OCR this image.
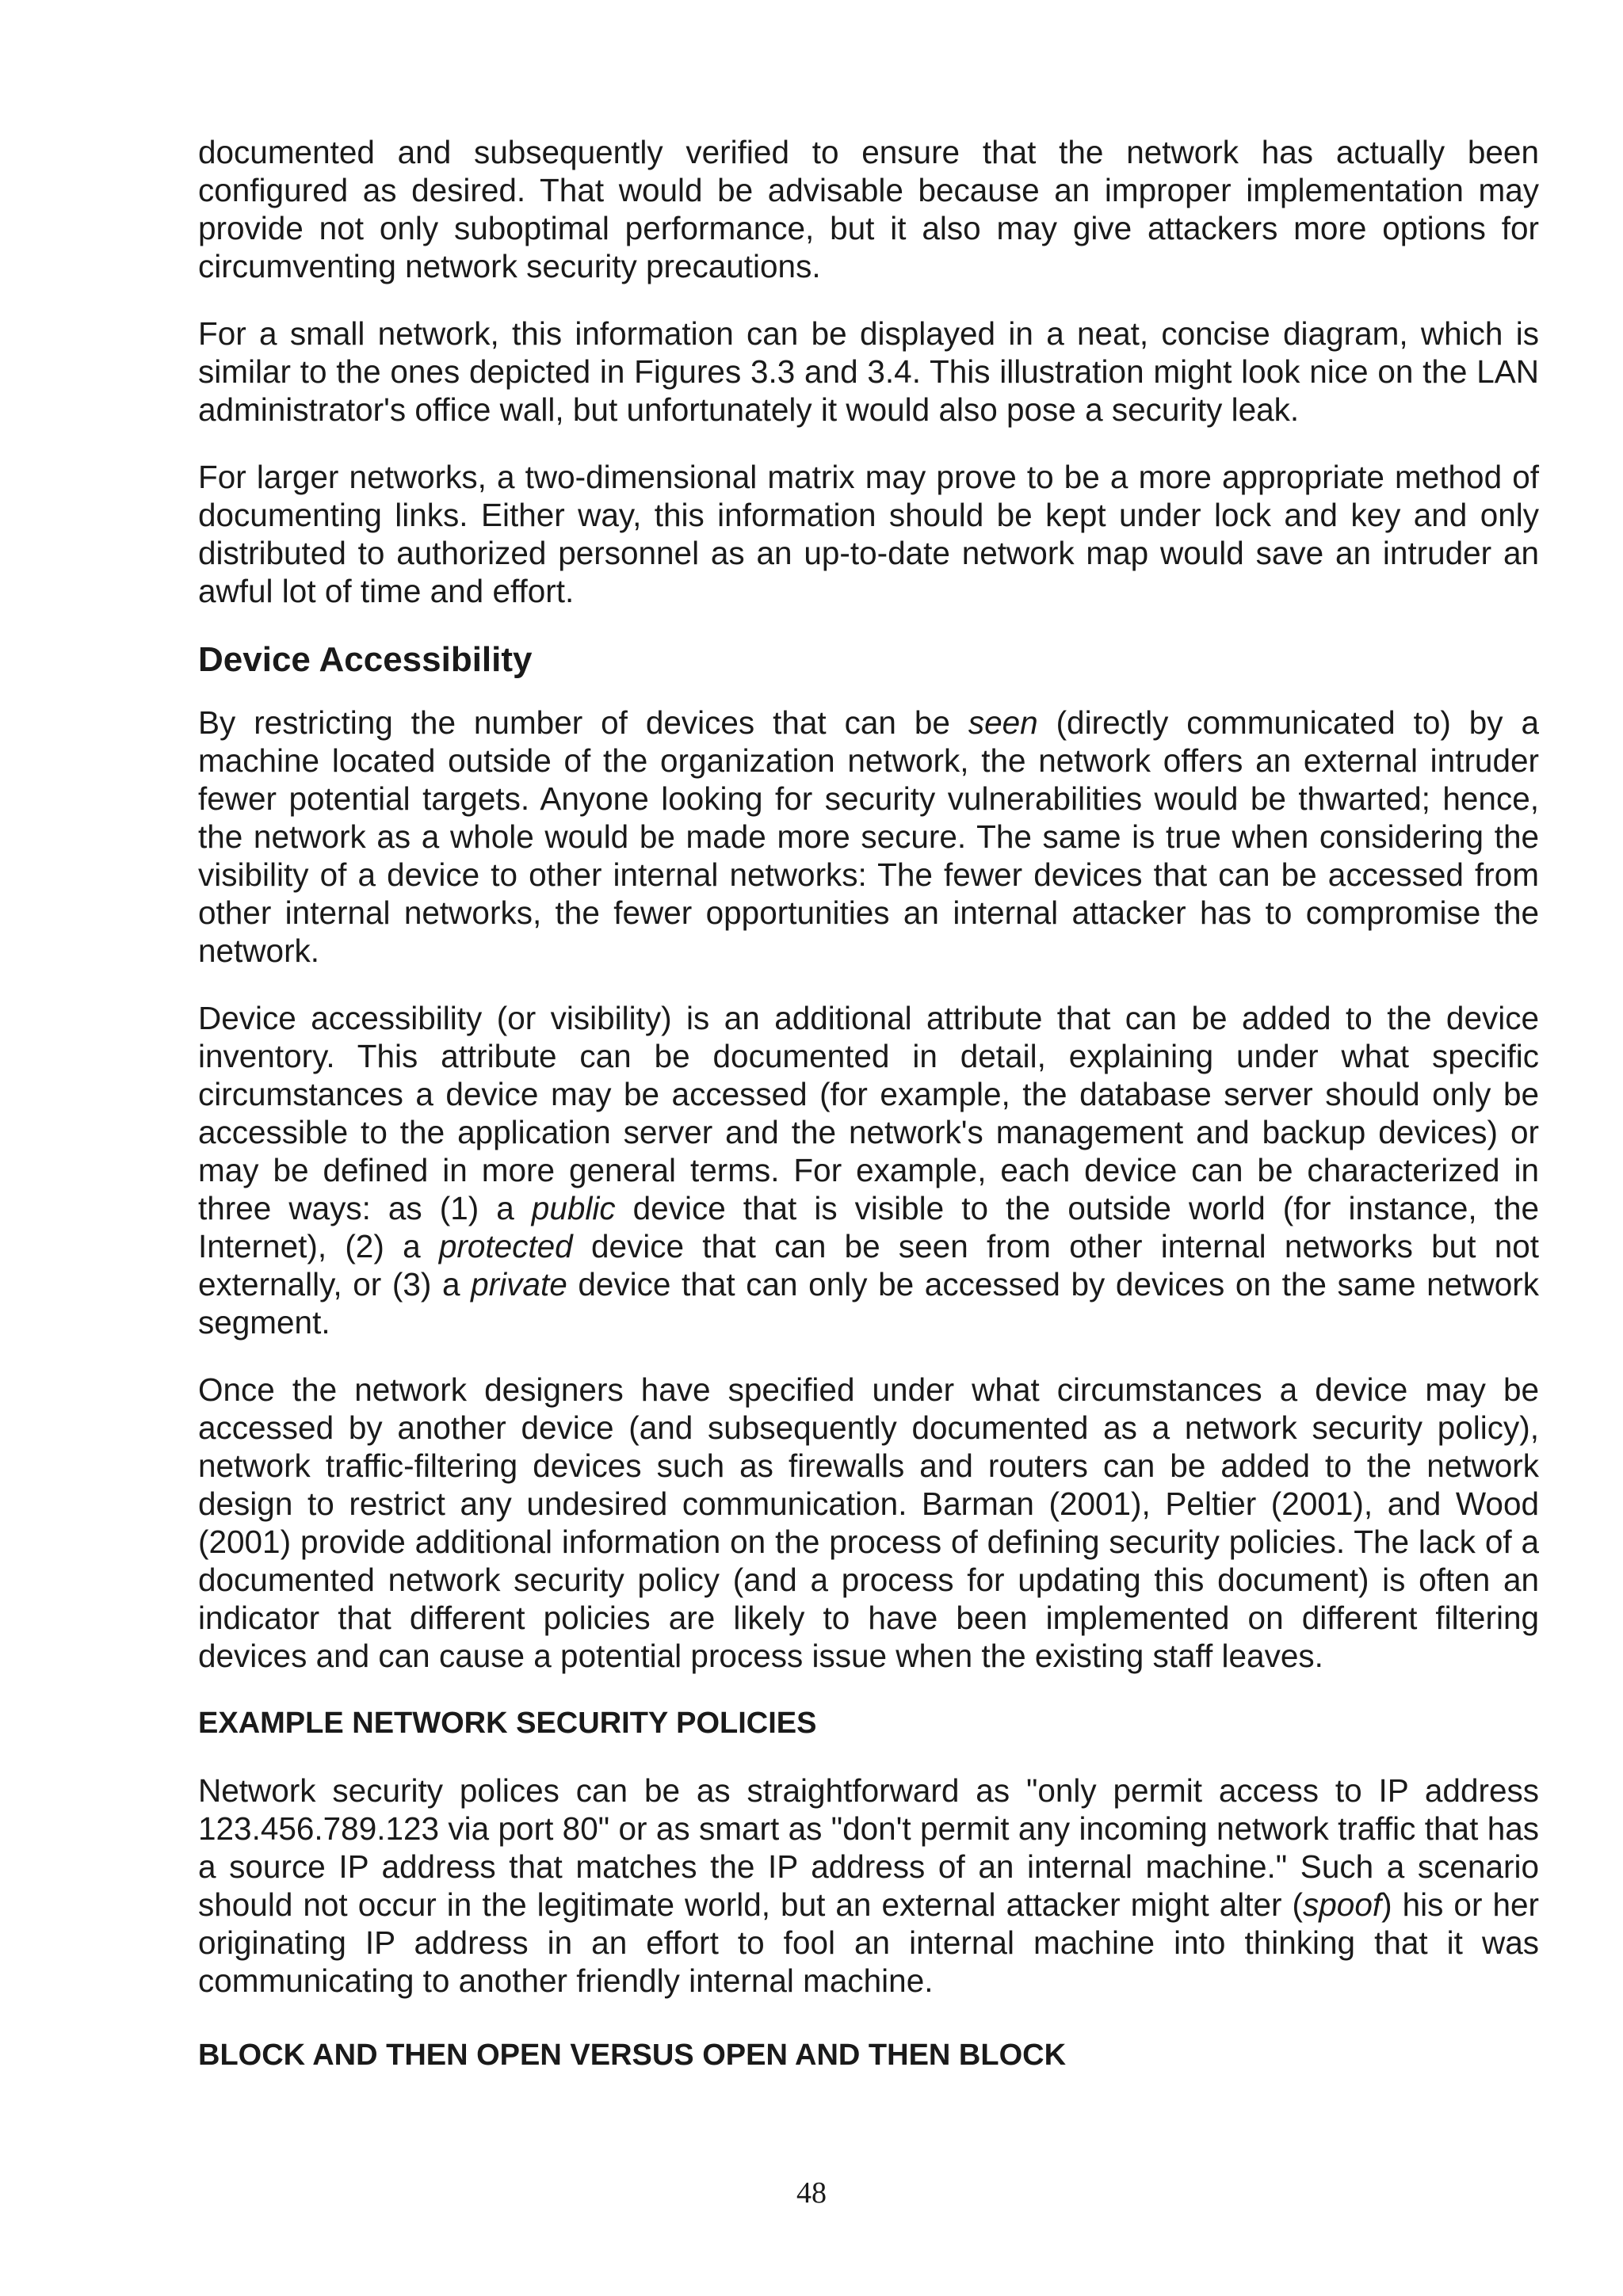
documented and subsequently verified to ensure that the network has actually been configured as desired. That would be advisable because an improper implementation may provide not only suboptimal performance, but it also may give attackers more options for circumventing network security precautions.

For a small network, this information can be displayed in a neat, concise diagram, which is similar to the ones depicted in Figures 3.3 and 3.4. This illustration might look nice on the LAN administrator's office wall, but unfortunately it would also pose a security leak.

For larger networks, a two-dimensional matrix may prove to be a more appropriate method of documenting links. Either way, this information should be kept under lock and key and only distributed to authorized personnel as an up-to-date network map would save an intruder an awful lot of time and effort.

Device Accessibility

By restricting the number of devices that can be seen (directly communicated to) by a machine located outside of the organization network, the network offers an external intruder fewer potential targets. Anyone looking for security vulnerabilities would be thwarted; hence, the network as a whole would be made more secure. The same is true when considering the visibility of a device to other internal networks: The fewer devices that can be accessed from other internal networks, the fewer opportunities an internal attacker has to compromise the network.

Device accessibility (or visibility) is an additional attribute that can be added to the device inventory. This attribute can be documented in detail, explaining under what specific circumstances a device may be accessed (for example, the database server should only be accessible to the application server and the network's management and backup devices) or may be defined in more general terms. For example, each device can be characterized in three ways: as (1) a public device that is visible to the outside world (for instance, the Internet), (2) a protected device that can be seen from other internal networks but not externally, or (3) a private device that can only be accessed by devices on the same network segment.

Once the network designers have specified under what circumstances a device may be accessed by another device (and subsequently documented as a network security policy), network traffic-filtering devices such as firewalls and routers can be added to the network design to restrict any undesired communication. Barman (2001), Peltier (2001), and Wood (2001) provide additional information on the process of defining security policies. The lack of a documented network security policy (and a process for updating this document) is often an indicator that different policies are likely to have been implemented on different filtering devices and can cause a potential process issue when the existing staff leaves.

EXAMPLE NETWORK SECURITY POLICIES

Network security polices can be as straightforward as "only permit access to IP address 123.456.789.123 via port 80" or as smart as "don't permit any incoming network traffic that has a source IP address that matches the IP address of an internal machine." Such a scenario should not occur in the legitimate world, but an external attacker might alter (spoof) his or her originating IP address in an effort to fool an internal machine into thinking that it was communicating to another friendly internal machine.

BLOCK AND THEN OPEN VERSUS OPEN AND THEN BLOCK
48
